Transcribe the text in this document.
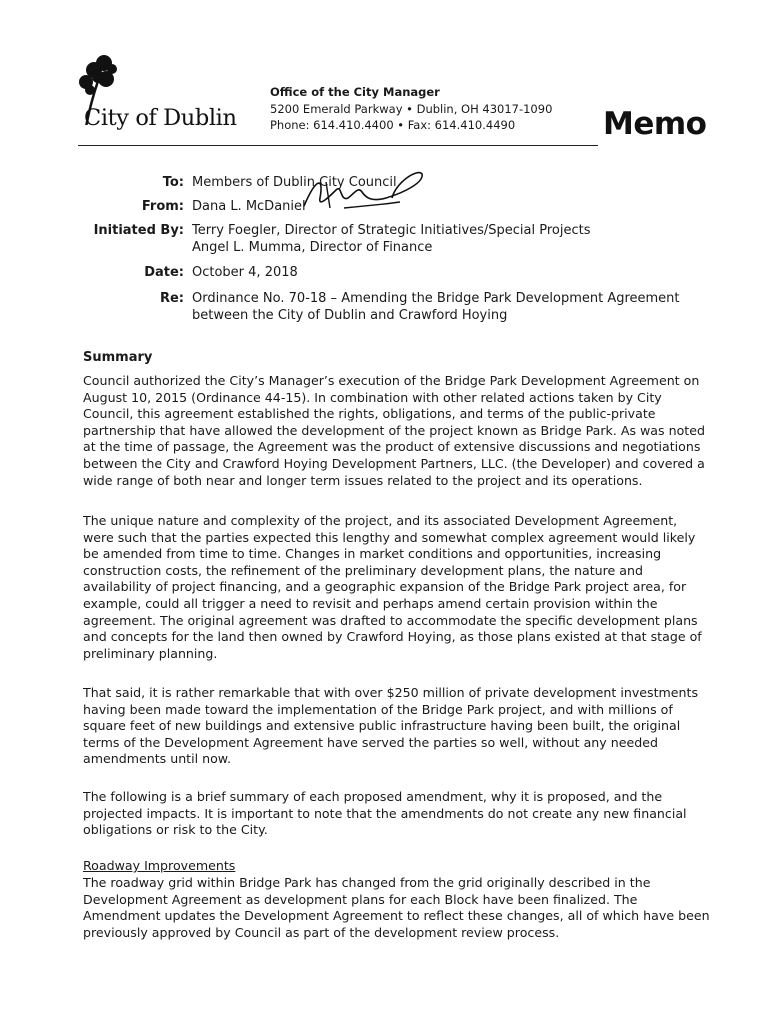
City of Dublin
Office of the City Manager
5200 Emerald Parkway • Dublin, OH 43017-1090
Phone: 614.410.4400 • Fax: 614.410.4490	Memo
To: Members of Dublin City Council
From: Dana L. McDaniel
Initiated By: Terry Foegler, Director of Strategic Initiatives/Special Projects
Angel L. Mumma, Director of Finance
Date: October 4, 2018
Re: Ordinance No. 70-18 – Amending the Bridge Park Development Agreement
between the City of Dublin and Crawford Hoying
Summary
Council authorized the City’s Manager’s execution of the Bridge Park Development Agreement on
August 10, 2015 (Ordinance 44-15). In combination with other related actions taken by City
Council, this agreement established the rights, obligations, and terms of the public-private
partnership that have allowed the development of the project known as Bridge Park. As was noted
at the time of passage, the Agreement was the product of extensive discussions and negotiations
between the City and Crawford Hoying Development Partners, LLC. (the Developer) and covered a
wide range of both near and longer term issues related to the project and its operations.
The unique nature and complexity of the project, and its associated Development Agreement,
were such that the parties expected this lengthy and somewhat complex agreement would likely
be amended from time to time. Changes in market conditions and opportunities, increasing
construction costs, the refinement of the preliminary development plans, the nature and
availability of project financing, and a geographic expansion of the Bridge Park project area, for
example, could all trigger a need to revisit and perhaps amend certain provision within the
agreement. The original agreement was drafted to accommodate the specific development plans
and concepts for the land then owned by Crawford Hoying, as those plans existed at that stage of
preliminary planning.
That said, it is rather remarkable that with over $250 million of private development investments
having been made toward the implementation of the Bridge Park project, and with millions of
square feet of new buildings and extensive public infrastructure having been built, the original
terms of the Development Agreement have served the parties so well, without any needed
amendments until now.
The following is a brief summary of each proposed amendment, why it is proposed, and the
projected impacts. It is important to note that the amendments do not create any new financial
obligations or risk to the City.
Roadway Improvements
The roadway grid within Bridge Park has changed from the grid originally described in the
Development Agreement as development plans for each Block have been finalized. The
Amendment updates the Development Agreement to reflect these changes, all of which have been
previously approved by Council as part of the development review process.
